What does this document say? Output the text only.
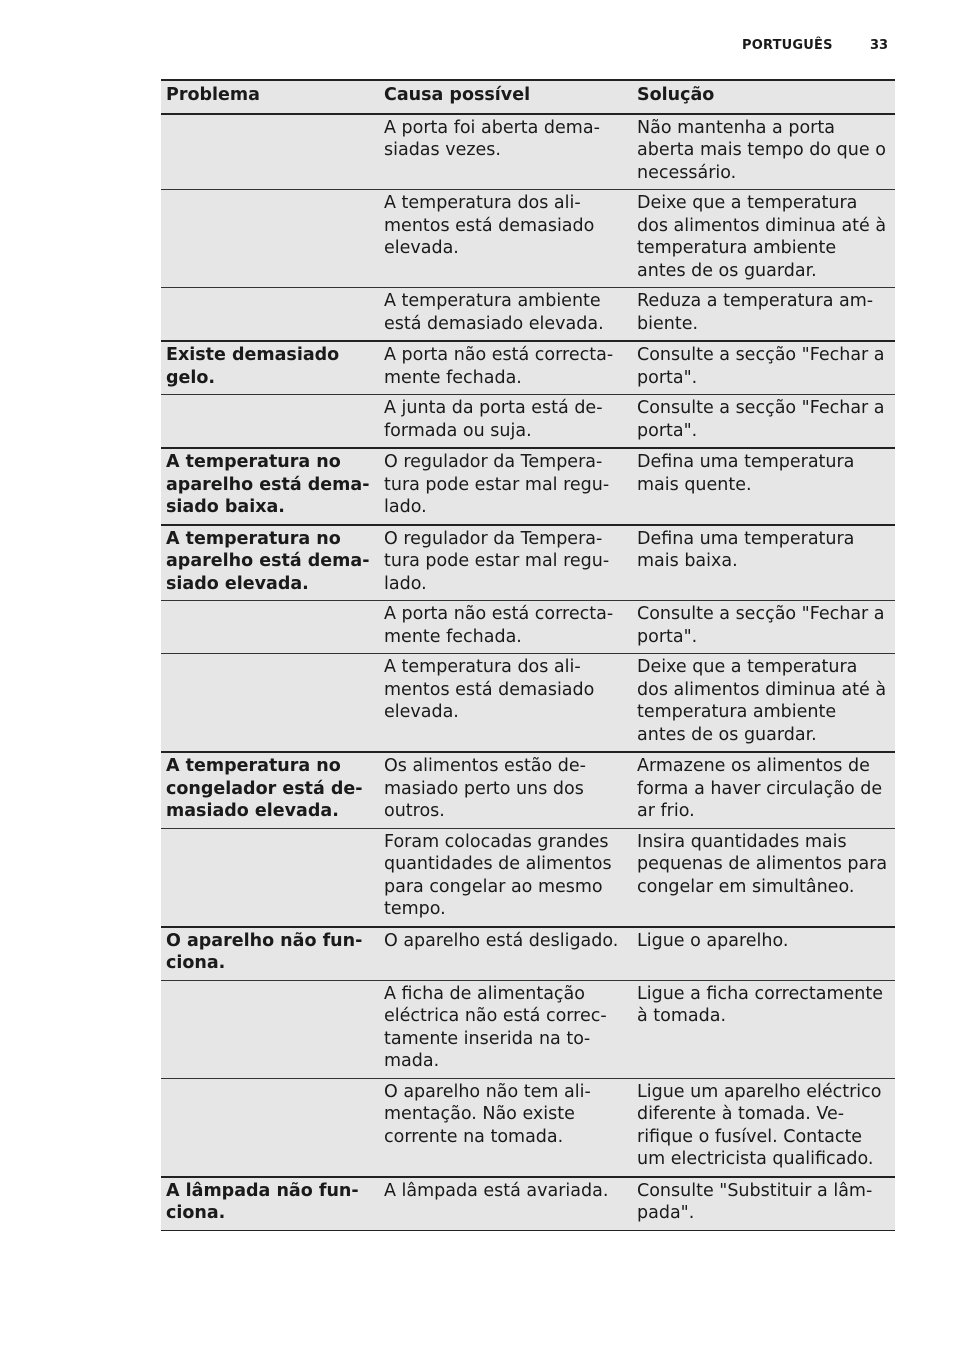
PORTUGUÊS	33
Problema	Causa possível	Solução
	A porta foi aberta demasiadas vezes.	Não mantenha a porta aberta mais tempo do que o necessário.
	A temperatura dos alimentos está demasiado elevada.	Deixe que a temperatura dos alimentos diminua até à temperatura ambiente antes de os guardar.
	A temperatura ambiente está demasiado elevada.	Reduza a temperatura ambiente.
Existe demasiado gelo.	A porta não está correctamente fechada.	Consulte a secção "Fechar a porta".
	A junta da porta está deformada ou suja.	Consulte a secção "Fechar a porta".
A temperatura no aparelho está demasiado baixa.	O regulador da Temperatura pode estar mal regulado.	Defina uma temperatura mais quente.
A temperatura no aparelho está demasiado elevada.	O regulador da Temperatura pode estar mal regulado.	Defina uma temperatura mais baixa.
	A porta não está correctamente fechada.	Consulte a secção "Fechar a porta".
	A temperatura dos alimentos está demasiado elevada.	Deixe que a temperatura dos alimentos diminua até à temperatura ambiente antes de os guardar.
A temperatura no congelador está demasiado elevada.	Os alimentos estão demasiado perto uns dos outros.	Armazene os alimentos de forma a haver circulação de ar frio.
	Foram colocadas grandes quantidades de alimentos para congelar ao mesmo tempo.	Insira quantidades mais pequenas de alimentos para congelar em simultâneo.
O aparelho não funciona.	O aparelho está desligado.	Ligue o aparelho.
	A ficha de alimentação eléctrica não está correctamente inserida na tomada.	Ligue a ficha correctamente à tomada.
	O aparelho não tem alimentação. Não existe corrente na tomada.	Ligue um aparelho eléctrico diferente à tomada. Verifique o fusível. Contacte um electricista qualificado.
A lâmpada não funciona.	A lâmpada está avariada.	Consulte "Substituir a lâmpada".
